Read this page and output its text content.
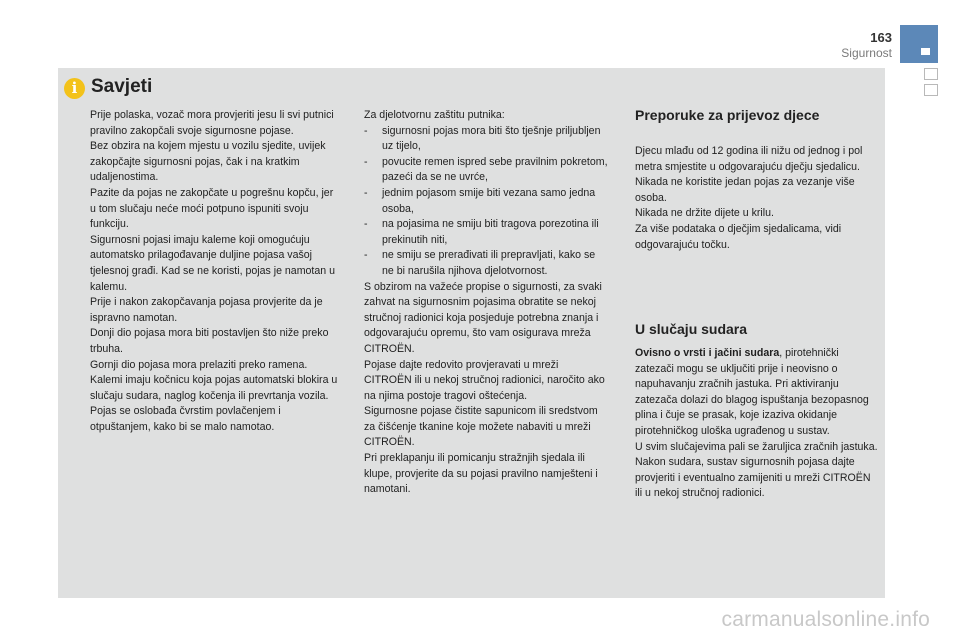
163
Sigurnost
i Savjeti

Prije polaska, vozač mora provjeriti jesu li svi putnici pravilno zakopčali svoje sigurnosne pojase.

Bez obzira na kojem mjestu u vozilu sjedite, uvijek zakopčajte sigurnosni pojas, čak i na kratkim udaljenostima.

Pazite da pojas ne zakopčate u pogrešnu kopču, jer u tom slučaju neće moći potpuno ispuniti svoju funkciju.

Sigurnosni pojasi imaju kaleme koji omogućuju automatsko prilagođavanje duljine pojasa vašoj tjelesnoj građi. Kad se ne koristi, pojas je namotan u kalemu.

Prije i nakon zakopčavanja pojasa provjerite da je ispravno namotan.

Donji dio pojasa mora biti postavljen što niže preko trbuha.

Gornji dio pojasa mora prelaziti preko ramena.

Kalemi imaju kočnicu koja pojas automatski blokira u slučaju sudara, naglog kočenja ili prevrtanja vozila. Pojas se oslobađa čvrstim povlačenjem i otpuštanjem, kako bi se malo namotao.

Za djelotvornu zaštitu putnika:

-	sigurnosni pojas mora biti što tješnje priljubljen uz tijelo,
-	povucite remen ispred sebe pravilnim pokretom, pazeći da se ne uvrće,
-	jednim pojasom smije biti vezana samo jedna osoba,
-	na pojasima ne smiju biti tragova porezotina ili prekinutih niti,
-	ne smiju se prerađivati ili prepravljati, kako se ne bi narušila njihova djelotvornost.

S obzirom na važeće propise o sigurnosti, za svaki zahvat na sigurnosnim pojasima obratite se nekoj stručnoj radionici koja posjeduje potrebna znanja i odgovarajuću opremu, što vam osigurava mreža CITROËN.

Pojase dajte redovito provjeravati u mreži CITROËN ili u nekoj stručnoj radionici, naročito ako na njima postoje tragovi oštećenja.

Sigurnosne pojase čistite sapunicom ili sredstvom za čišćenje tkanine koje možete nabaviti u mreži CITROËN.

Pri preklapanju ili pomicanju stražnjih sjedala ili klupe, provjerite da su pojasi pravilno namješteni i namotani.

Preporuke za prijevoz djece

Djecu mlađu od 12 godina ili nižu od jednog i pol metra smjestite u odgovarajuću dječju sjedalicu.

Nikada ne koristite jedan pojas za vezanje više osoba.

Nikada ne držite dijete u krilu.

Za više podataka o dječjim sjedalicama, vidi odgovarajuću točku.

U slučaju sudara

Ovisno o vrsti i jačini sudara, pirotehnički zatezači mogu se uključiti prije i neovisno o napuhavanju zračnih jastuka. Pri aktiviranju zatezača dolazi do blagog ispuštanja bezopasnog plina i čuje se prasak, koje izaziva okidanje pirotehničkog uloška ugrađenog u sustav.

U svim slučajevima pali se žaruljica zračnih jastuka.

Nakon sudara, sustav sigurnosnih pojasa dajte provjeriti i eventualno zamijeniti u mreži CITROËN ili u nekoj stručnoj radionici.

carmanualsonline.info
